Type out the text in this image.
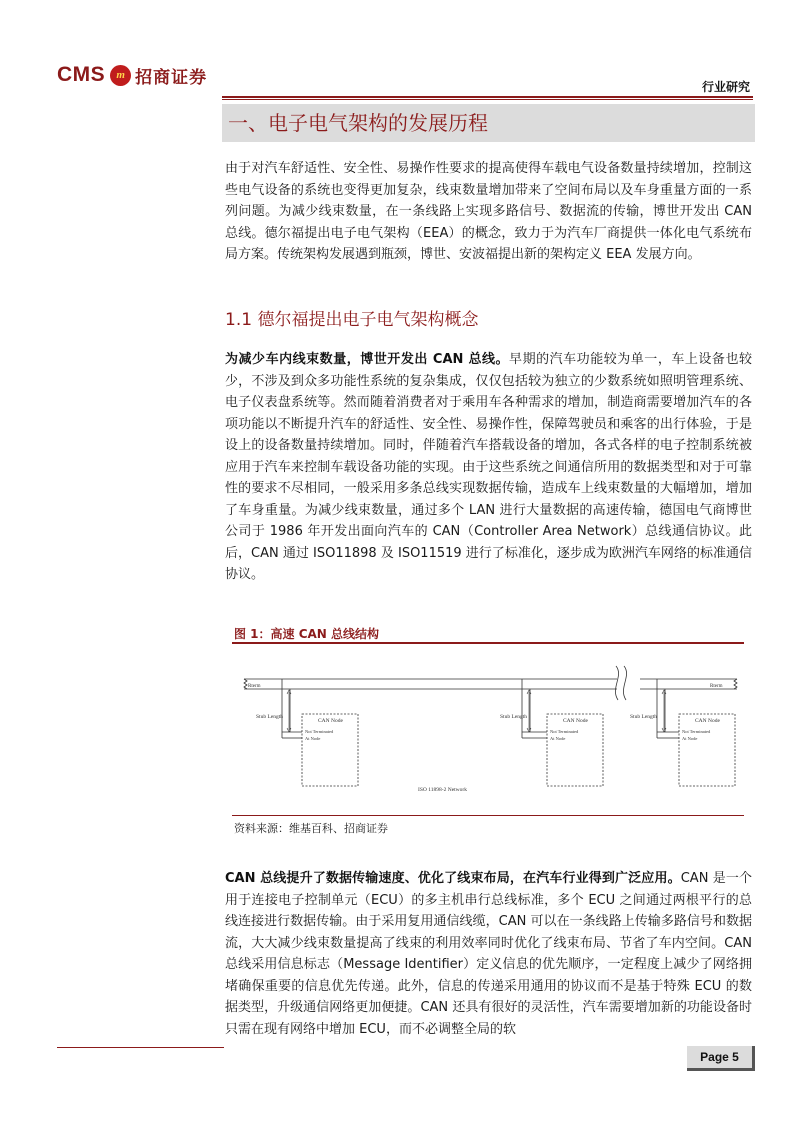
CMS	m 招商证券	行业研究
一、电子电气架构的发展历程

由于对汽车舒适性、安全性、易操作性要求的提高使得车载电气设备数量持续增加，控制这些电气设备的系统也变得更加复杂，线束数量增加带来了空间布局以及车身重量方面的一系列问题。为减少线束数量，在一条线路上实现多路信号、数据流的传输，博世开发出 CAN 总线。德尔福提出电子电气架构（EEA）的概念，致力于为汽车厂商提供一体化电气系统布局方案。传统架构发展遇到瓶颈，博世、安波福提出新的架构定义 EEA 发展方向。

1.1 德尔福提出电子电气架构概念

为减少车内线束数量，博世开发出 CAN 总线。早期的汽车功能较为单一，车上设备也较少，不涉及到众多功能性系统的复杂集成，仅仅包括较为独立的少数系统如照明管理系统、电子仪表盘系统等。然而随着消费者对于乘用车各种需求的增加，制造商需要增加汽车的各项功能以不断提升汽车的舒适性、安全性、易操作性，保障驾驶员和乘客的出行体验，于是设上的设备数量持续增加。同时，伴随着汽车搭载设备的增加，各式各样的电子控制系统被应用于汽车来控制车载设备功能的实现。由于这些系统之间通信所用的数据类型和对于可靠性的要求不尽相同，一般采用多条总线实现数据传输，造成车上线束数量的大幅增加，增加了车身重量。为减少线束数量，通过多个 LAN 进行大量数据的高速传输，德国电气商博世公司于 1986 年开发出面向汽车的 CAN（Controller Area Network）总线通信协议。此后，CAN 通过 ISO11898 及 ISO11519 进行了标准化，逐步成为欧洲汽车网络的标准通信协议。

图 1：高速 CAN 总线结构
Rterm	Rterm
Stub Length
CAN Node
Not Terminated
At Node
Stub Length
CAN Node
Not Terminated
At Node
Stub Length
CAN Node
Not Terminated
At Node
ISO 11898-2 Network
资料来源：维基百科、招商证券

CAN 总线提升了数据传输速度、优化了线束布局，在汽车行业得到广泛应用。CAN 是一个用于连接电子控制单元（ECU）的多主机串行总线标准，多个 ECU 之间通过两根平行的总线连接进行数据传输。由于采用复用通信线缆，CAN 可以在一条线路上传输多路信号和数据流，大大减少线束数量提高了线束的利用效率同时优化了线束布局、节省了车内空间。CAN 总线采用信息标志（Message Identifier）定义信息的优先顺序，一定程度上减少了网络拥堵确保重要的信息优先传递。此外，信息的传递采用通用的协议而不是基于特殊 ECU 的数据类型，升级通信网络更加便捷。CAN 还具有很好的灵活性，汽车需要增加新的功能设备时只需在现有网络中增加 ECU，而不必调整全局的软

Page 5
